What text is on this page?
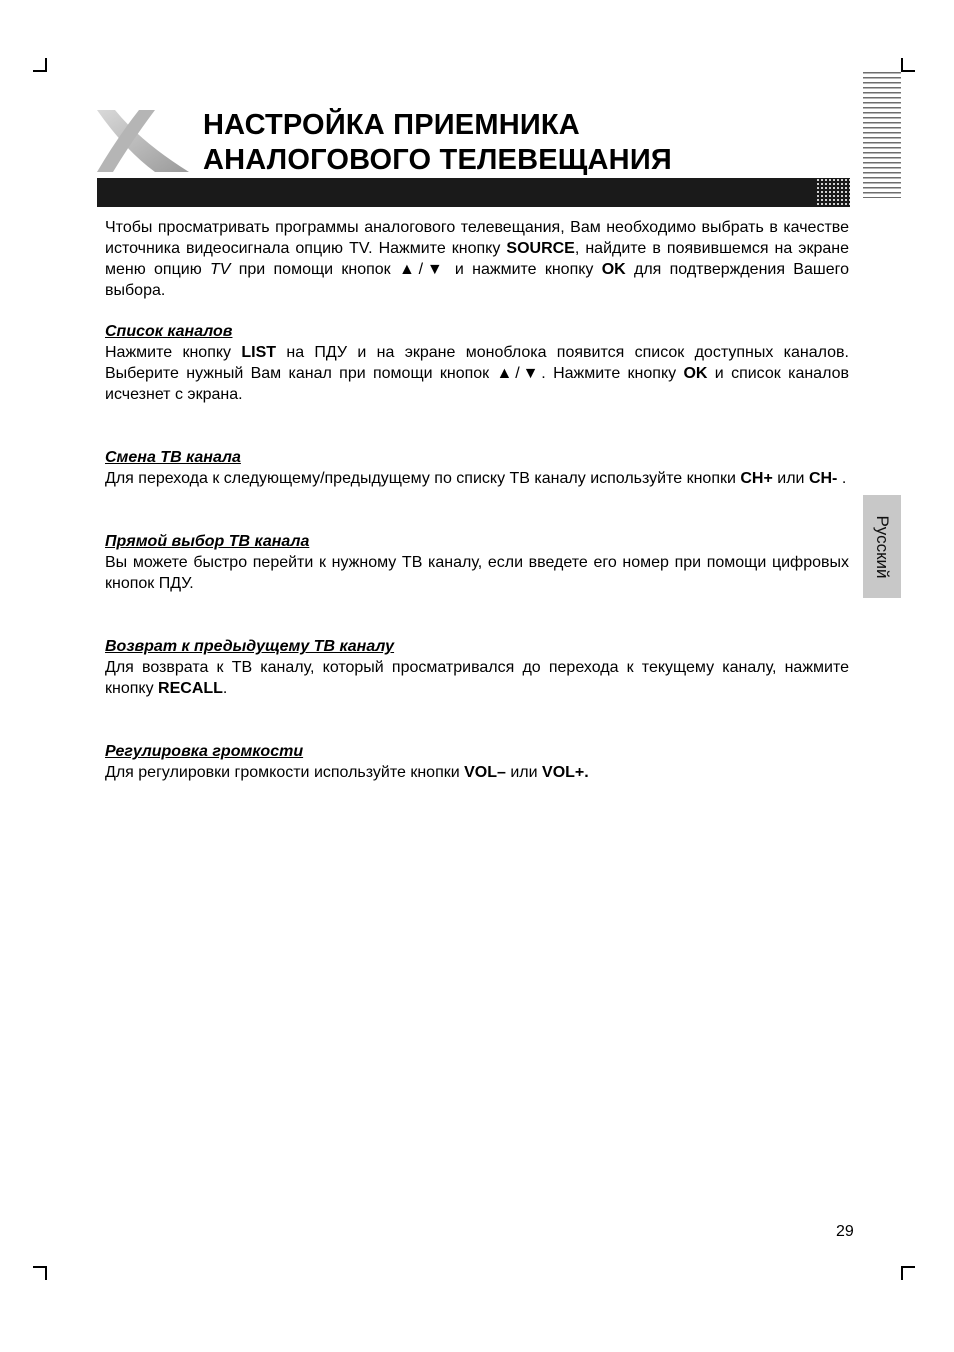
НАСТРОЙКА ПРИЕМНИКА
АНАЛОГОВОГО ТЕЛЕВЕЩАНИЯ
Русский

Чтобы просматривать программы аналогового телевещания, Вам необходимо выбрать в качестве источника видеосигнала опцию TV. Нажмите кнопку SOURCE, найдите в появившемся на экране меню опцию TV при помощи кнопок ▲/▼ и нажмите кнопку OK для подтверждения Вашего выбора.

Список каналов

Нажмите кнопку LIST на ПДУ и на экране моноблока появится список доступных каналов. Выберите нужный Вам канал при помощи кнопок ▲/▼. Нажмите кнопку OK и список каналов исчезнет с экрана.

Смена ТВ канала

Для перехода к следующему/предыдущему по списку ТВ каналу используйте кнопки CH+ или CH- .

Прямой выбор ТВ канала

Вы можете быстро перейти к нужному ТВ каналу, если введете его номер при помощи цифровых кнопок ПДУ.

Возврат к предыдущему ТВ каналу

Для возврата к ТВ каналу, который просматривался до перехода к текущему каналу, нажмите кнопку RECALL.

Регулировка громкости

Для регулировки громкости используйте кнопки VOL– или VOL+.

29
